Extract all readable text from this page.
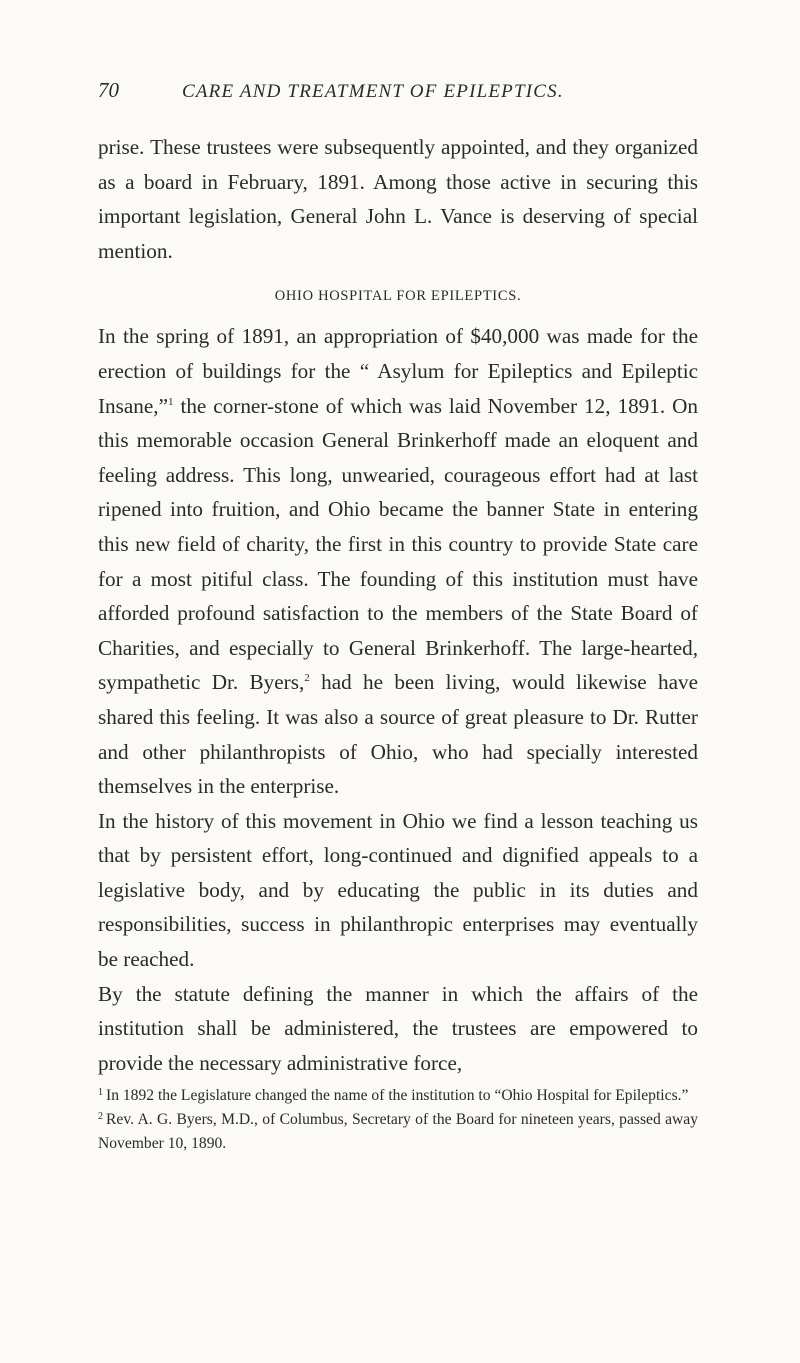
70	CARE AND TREATMENT OF EPILEPTICS.

prise. These trustees were subsequently appointed, and they organized as a board in February, 1891. Among those active in securing this important legislation, General John L. Vance is deserving of special mention.

OHIO HOSPITAL FOR EPILEPTICS.

In the spring of 1891, an appropriation of $40,000 was made for the erection of buildings for the “ Asylum for Epileptics and Epileptic Insane,”$^1$ the corner-stone of which was laid November 12, 1891. On this memorable occasion General Brinkerhoff made an eloquent and feeling address. This long, unwearied, courageous effort had at last ripened into fruition, and Ohio became the banner State in entering this new field of charity, the first in this country to provide State care for a most pitiful class. The founding of this institution must have afforded profound satisfaction to the members of the State Board of Charities, and especially to General Brinkerhoff. The large-hearted, sympathetic Dr. Byers,$^2$ had he been living, would likewise have shared this feeling. It was also a source of great pleasure to Dr. Rutter and other philanthropists of Ohio, who had specially interested themselves in the enterprise.

In the history of this movement in Ohio we find a lesson teaching us that by persistent effort, long-continued and dignified appeals to a legislative body, and by educating the public in its duties and responsibilities, success in philanthropic enterprises may eventually be reached.

By the statute defining the manner in which the affairs of the institution shall be administered, the trustees are empowered to provide the necessary administrative force,

$^1$ In 1892 the Legislature changed the name of the institution to “Ohio Hospital for Epileptics.”

$^2$ Rev. A. G. Byers, M.D., of Columbus, Secretary of the Board for nineteen years, passed away November 10, 1890.
